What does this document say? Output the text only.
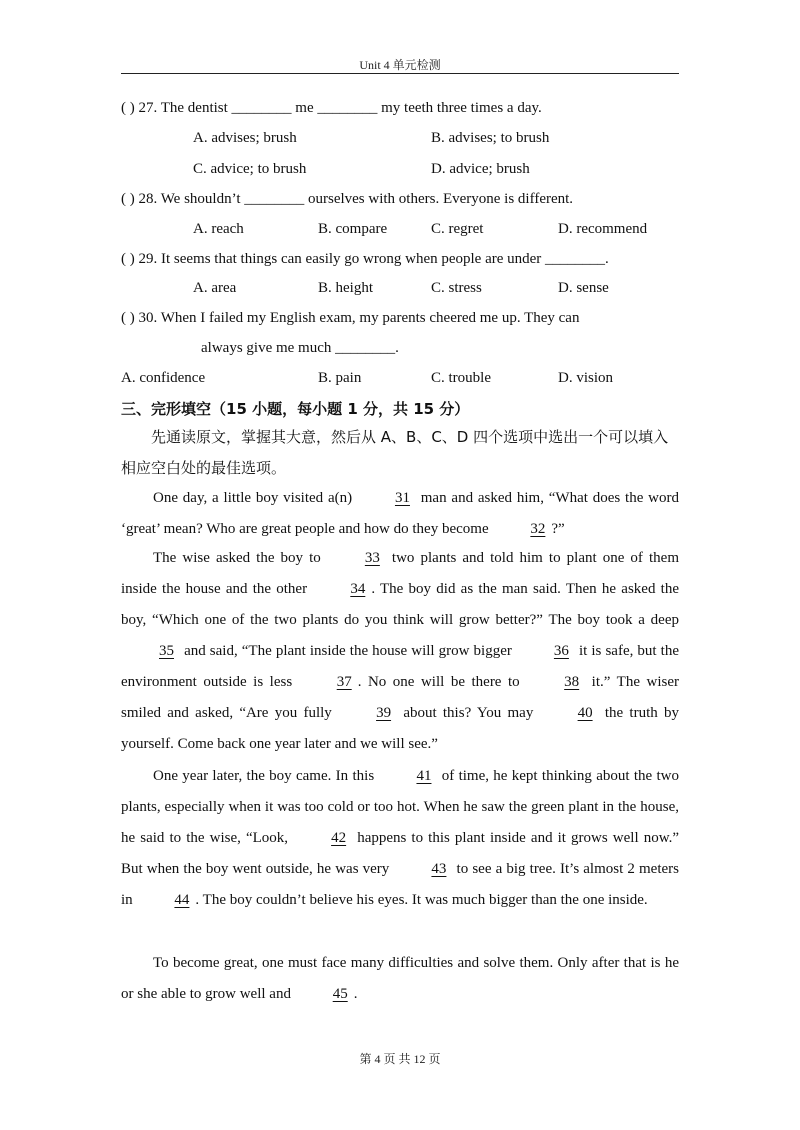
Unit 4 单元检测
( ) 27. The dentist ________ me ________ my teeth three times a day.
A. advises; brush	B. advises; to brush
C. advice; to brush	D. advice; brush
( ) 28. We shouldn’t ________ ourselves with others. Everyone is different.
A. reach	B. compare	C. regret	D. recommend
( ) 29. It seems that things can easily go wrong when people are under ________.
A. area	B. height	C. stress	D. sense
( ) 30. When I failed my English exam, my parents cheered me up. They can
always give me much ________.
A. confidence	B. pain	C. trouble	D. vision
三、完形填空（15 小题，每小题 1 分，共 15 分）
先通读原文，掌握其大意，然后从 A、B、C、D 四个选项中选出一个可以填入
相应空白处的最佳选项。
One day, a little boy visited a(n)	31 man and asked him, “What does the word ‘great’ mean? Who are great people and how do they become	32 ?”
The wise asked the boy to	33 two plants and told him to plant one of them inside the house and the other	34 . The boy did as the man said. Then he asked the boy, “Which one of the two plants do you think will grow better?” The boy took a deep 35 and said, “The plant inside the house will grow bigger	36 it is safe, but the environment outside is less	37 . No one will be there to	38 it.” The wiser smiled and asked, “Are you fully	39 about this? You may	40 the truth by yourself. Come back one year later and we will see.”
One year later, the boy came. In this	41 of time, he kept thinking about the two plants, especially when it was too cold or too hot. When he saw the green plant in the house, he said to the wise, “Look,	42 happens to this plant inside and it grows well now.” But when the boy went outside, he was very	43 to see a big tree. It’s almost 2 meters in	44 . The boy couldn’t believe his eyes. It was much bigger than the one inside.
To become great, one must face many difficulties and solve them. Only after that is he or she able to grow well and	45 .
第 4 页 共 12 页
